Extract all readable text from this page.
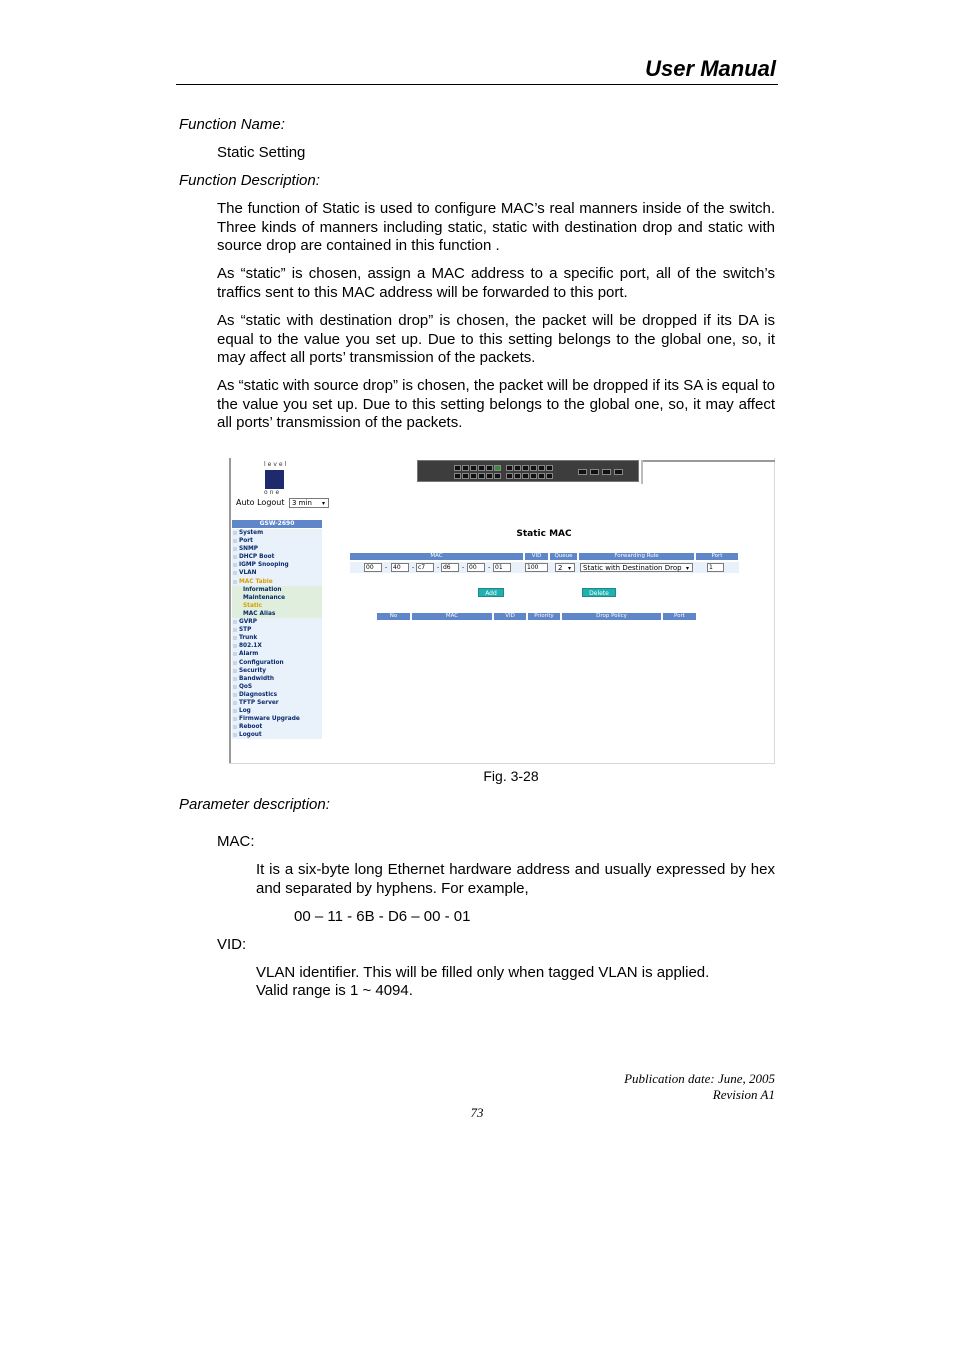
User Manual
Function Name:
Static Setting
Function Description:
The function of Static is used to configure MAC’s real manners inside of the switch. Three kinds of manners including static, static with destination drop and static with source drop are contained in this function .
As “static” is chosen, assign a MAC address to a specific port, all of the switch’s traffics sent to this MAC address will be forwarded to this port.
As “static with destination drop” is chosen, the packet will be dropped if its DA is equal to the value you set up. Due to this setting belongs to the global one, so, it may affect all ports’ transmission of the packets.
As “static with source drop” is chosen, the packet will be dropped if its SA is equal to the value you set up. Due to this setting belongs to the global one, so, it may affect all ports’ transmission of the packets.
level
one
Auto Logout	3 min	▾
GSW-2690
System
Port
SNMP
DHCP Boot
IGMP Snooping
VLAN
MAC Table
Information
Maintenance
Static
MAC Alias
GVRP
STP
Trunk
802.1X
Alarm
Configuration
Security
Bandwidth
QoS
Diagnostics
TFTP Server
Log
Firmware Upgrade
Reboot
Logout
Static MAC
MAC	VID	Queue	Forwarding Rule	Port
00	- 40	- c7	- d6	- 00	- 01	100	2 ▾	Static with Destination Drop ▾	1
Add	Delete
No	MAC	VID	Priority	Drop Policy	Port
Fig. 3-28
Parameter description:
MAC:
It is a six-byte long Ethernet hardware address and usually expressed by hex and separated by hyphens. For example,
00 – 11 - 6B - D6 – 00 - 01
VID:
VLAN identifier. This will be filled only when tagged VLAN is applied.
Valid range is 1 ~ 4094.
Publication date: June, 2005
Revision A1
73
